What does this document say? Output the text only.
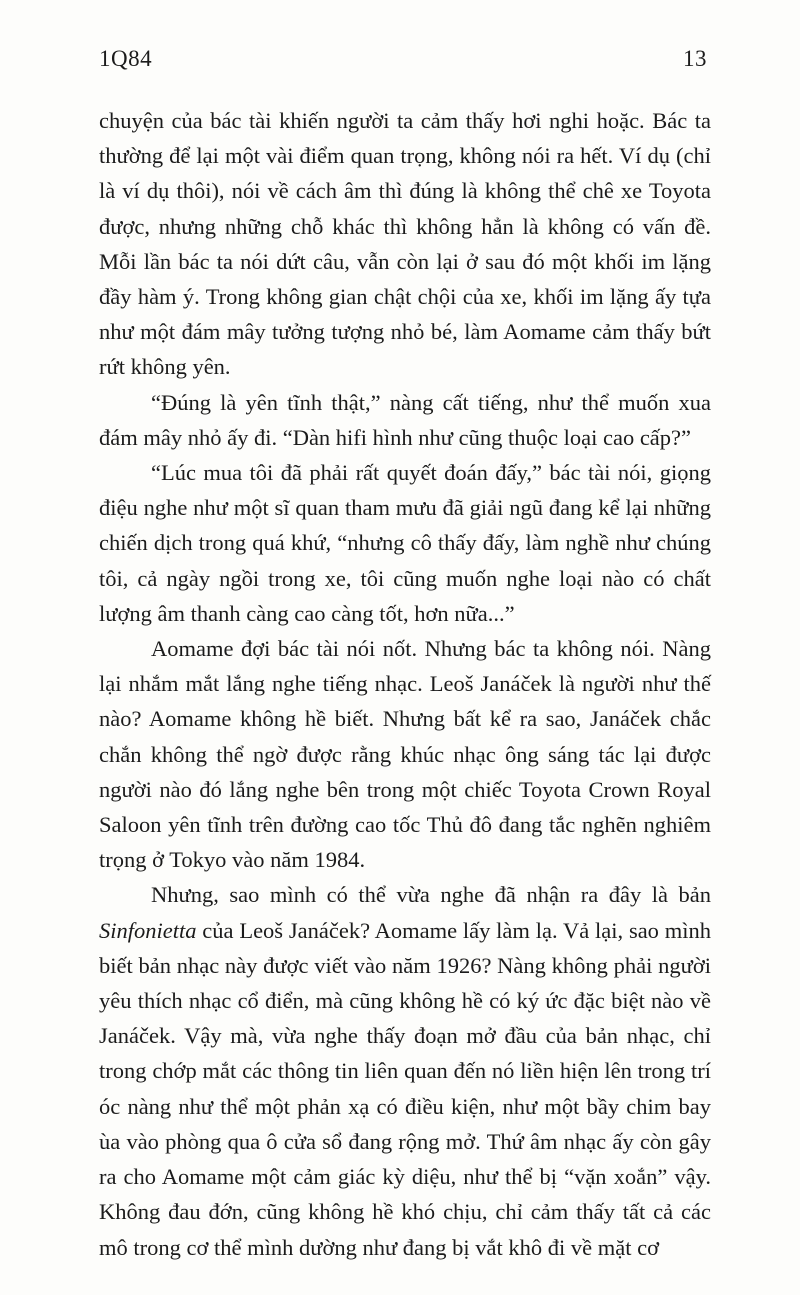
1Q84	13

chuyện của bác tài khiến người ta cảm thấy hơi nghi hoặc. Bác ta thường để lại một vài điểm quan trọng, không nói ra hết. Ví dụ (chỉ là ví dụ thôi), nói về cách âm thì đúng là không thể chê xe Toyota được, nhưng những chỗ khác thì không hẳn là không có vấn đề. Mỗi lần bác ta nói dứt câu, vẫn còn lại ở sau đó một khối im lặng đầy hàm ý. Trong không gian chật chội của xe, khối im lặng ấy tựa như một đám mây tưởng tượng nhỏ bé, làm Aomame cảm thấy bứt rứt không yên.

“Đúng là yên tĩnh thật,” nàng cất tiếng, như thể muốn xua đám mây nhỏ ấy đi. “Dàn hifi hình như cũng thuộc loại cao cấp?”

“Lúc mua tôi đã phải rất quyết đoán đấy,” bác tài nói, giọng điệu nghe như một sĩ quan tham mưu đã giải ngũ đang kể lại những chiến dịch trong quá khứ, “nhưng cô thấy đấy, làm nghề như chúng tôi, cả ngày ngồi trong xe, tôi cũng muốn nghe loại nào có chất lượng âm thanh càng cao càng tốt, hơn nữa...”

Aomame đợi bác tài nói nốt. Nhưng bác ta không nói. Nàng lại nhắm mắt lắng nghe tiếng nhạc. Leoš Janáček là người như thế nào? Aomame không hề biết. Nhưng bất kể ra sao, Janáček chắc chắn không thể ngờ được rằng khúc nhạc ông sáng tác lại được người nào đó lắng nghe bên trong một chiếc Toyota Crown Royal Saloon yên tĩnh trên đường cao tốc Thủ đô đang tắc nghẽn nghiêm trọng ở Tokyo vào năm 1984.

Nhưng, sao mình có thể vừa nghe đã nhận ra đây là bản Sinfonietta của Leoš Janáček? Aomame lấy làm lạ. Vả lại, sao mình biết bản nhạc này được viết vào năm 1926? Nàng không phải người yêu thích nhạc cổ điển, mà cũng không hề có ký ức đặc biệt nào về Janáček. Vậy mà, vừa nghe thấy đoạn mở đầu của bản nhạc, chỉ trong chớp mắt các thông tin liên quan đến nó liền hiện lên trong trí óc nàng như thể một phản xạ có điều kiện, như một bầy chim bay ùa vào phòng qua ô cửa sổ đang rộng mở. Thứ âm nhạc ấy còn gây ra cho Aomame một cảm giác kỳ diệu, như thể bị “vặn xoắn” vậy. Không đau đớn, cũng không hề khó chịu, chỉ cảm thấy tất cả các mô trong cơ thể mình dường như đang bị vắt khô đi về mặt cơ
